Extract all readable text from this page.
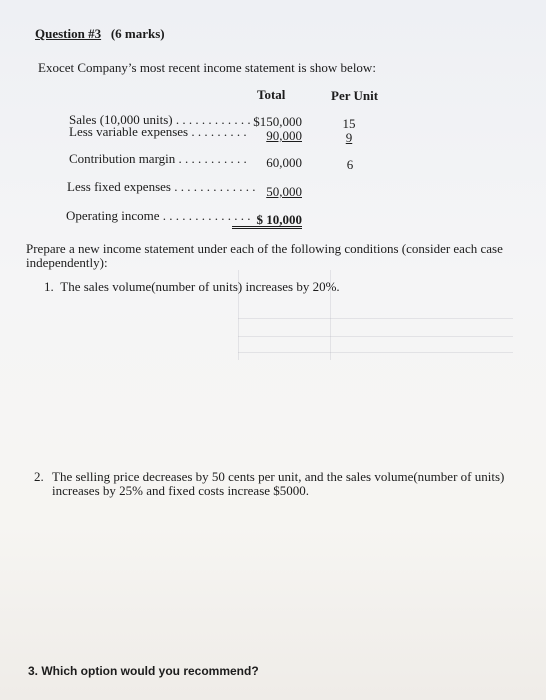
Question #3 (6 marks)
Exocet Company’s most recent income statement is show below:
Total	Per Unit
Sales (10,000 units) . . . . . . . . . . . . $150,000	15
Less variable expenses . . . . . . . . .	90,000	9
Contribution margin . . . . . . . . . . .	60,000	6
Less fixed expenses . . . . . . . . . . . . . 50,000
Operating income . . . . . . . . . . . . . . $ 10,000
Prepare a new income statement under each of the following conditions (consider each case independently):
1. The sales volume(number of units) increases by 20%.
2. The selling price decreases by 50 cents per unit, and the sales volume(number of units) increases by 25% and fixed costs increase $5000.
3. Which option would you recommend?
